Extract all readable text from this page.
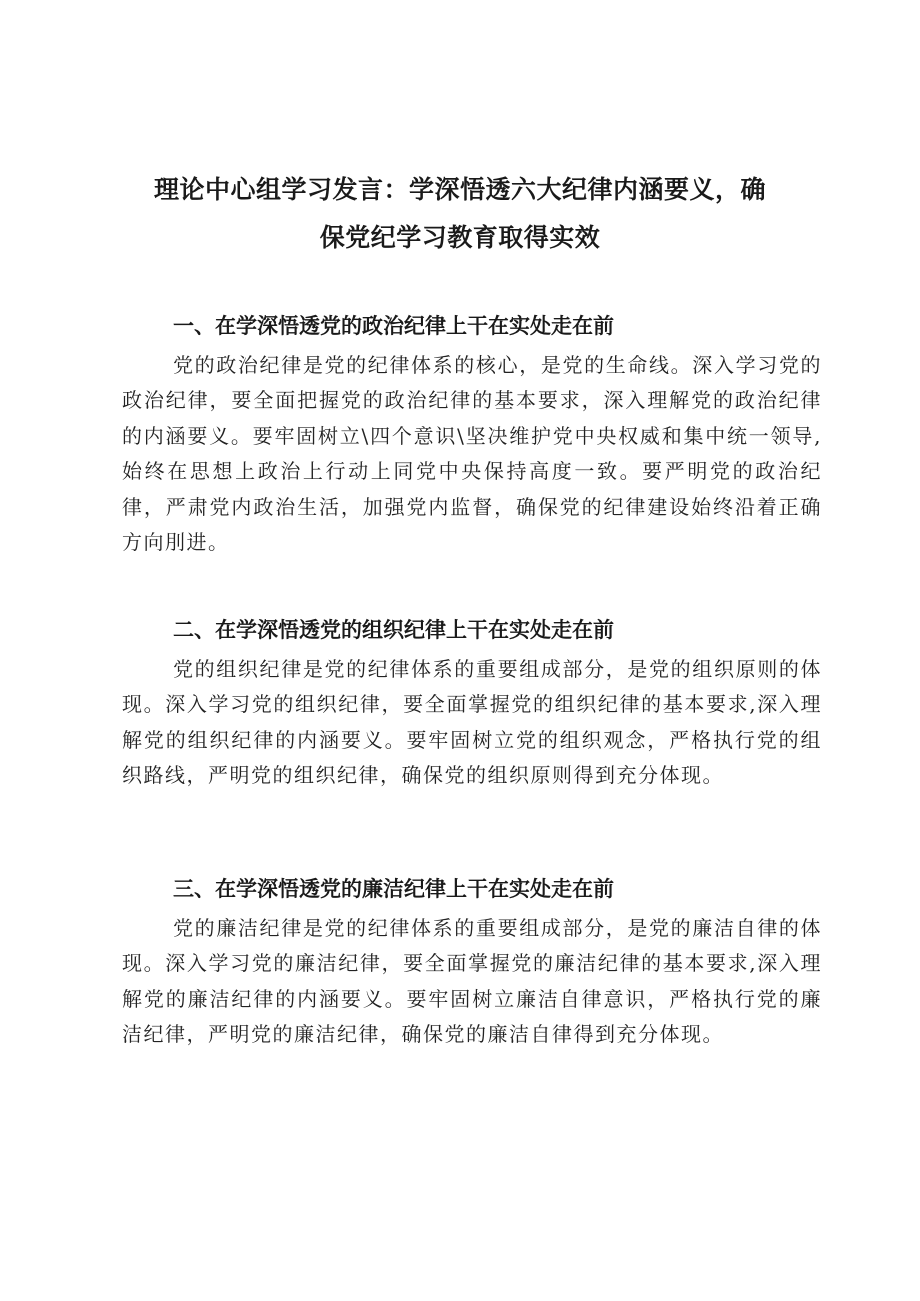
理论中心组学习发言：学深悟透六大纪律内涵要义，确
保党纪学习教育取得实效
一、在学深悟透党的政治纪律上干在实处走在前

党的政治纪律是党的纪律体系的核心，是党的生命线。深入学习党的政治纪律，要全面把握党的政治纪律的基本要求，深入理解党的政治纪律的内涵要义。要牢固树立\四个意识\坚决维护党中央权威和集中统一领导,始终在思想上政治上行动上同党中央保持高度一致。要严明党的政治纪律，严肃党内政治生活，加强党内监督，确保党的纪律建设始终沿着正确方向刖进。

二、在学深悟透党的组织纪律上干在实处走在前

党的组织纪律是党的纪律体系的重要组成部分，是党的组织原则的体现。深入学习党的组织纪律，要全面掌握党的组织纪律的基本要求,深入理解党的组织纪律的内涵要义。要牢固树立党的组织观念，严格执行党的组织路线，严明党的组织纪律，确保党的组织原则得到充分体现。

三、在学深悟透党的廉洁纪律上干在实处走在前

党的廉洁纪律是党的纪律体系的重要组成部分，是党的廉洁自律的体现。深入学习党的廉洁纪律，要全面掌握党的廉洁纪律的基本要求,深入理解党的廉洁纪律的内涵要义。要牢固树立廉洁自律意识，严格执行党的廉洁纪律，严明党的廉洁纪律，确保党的廉洁自律得到充分体现。
